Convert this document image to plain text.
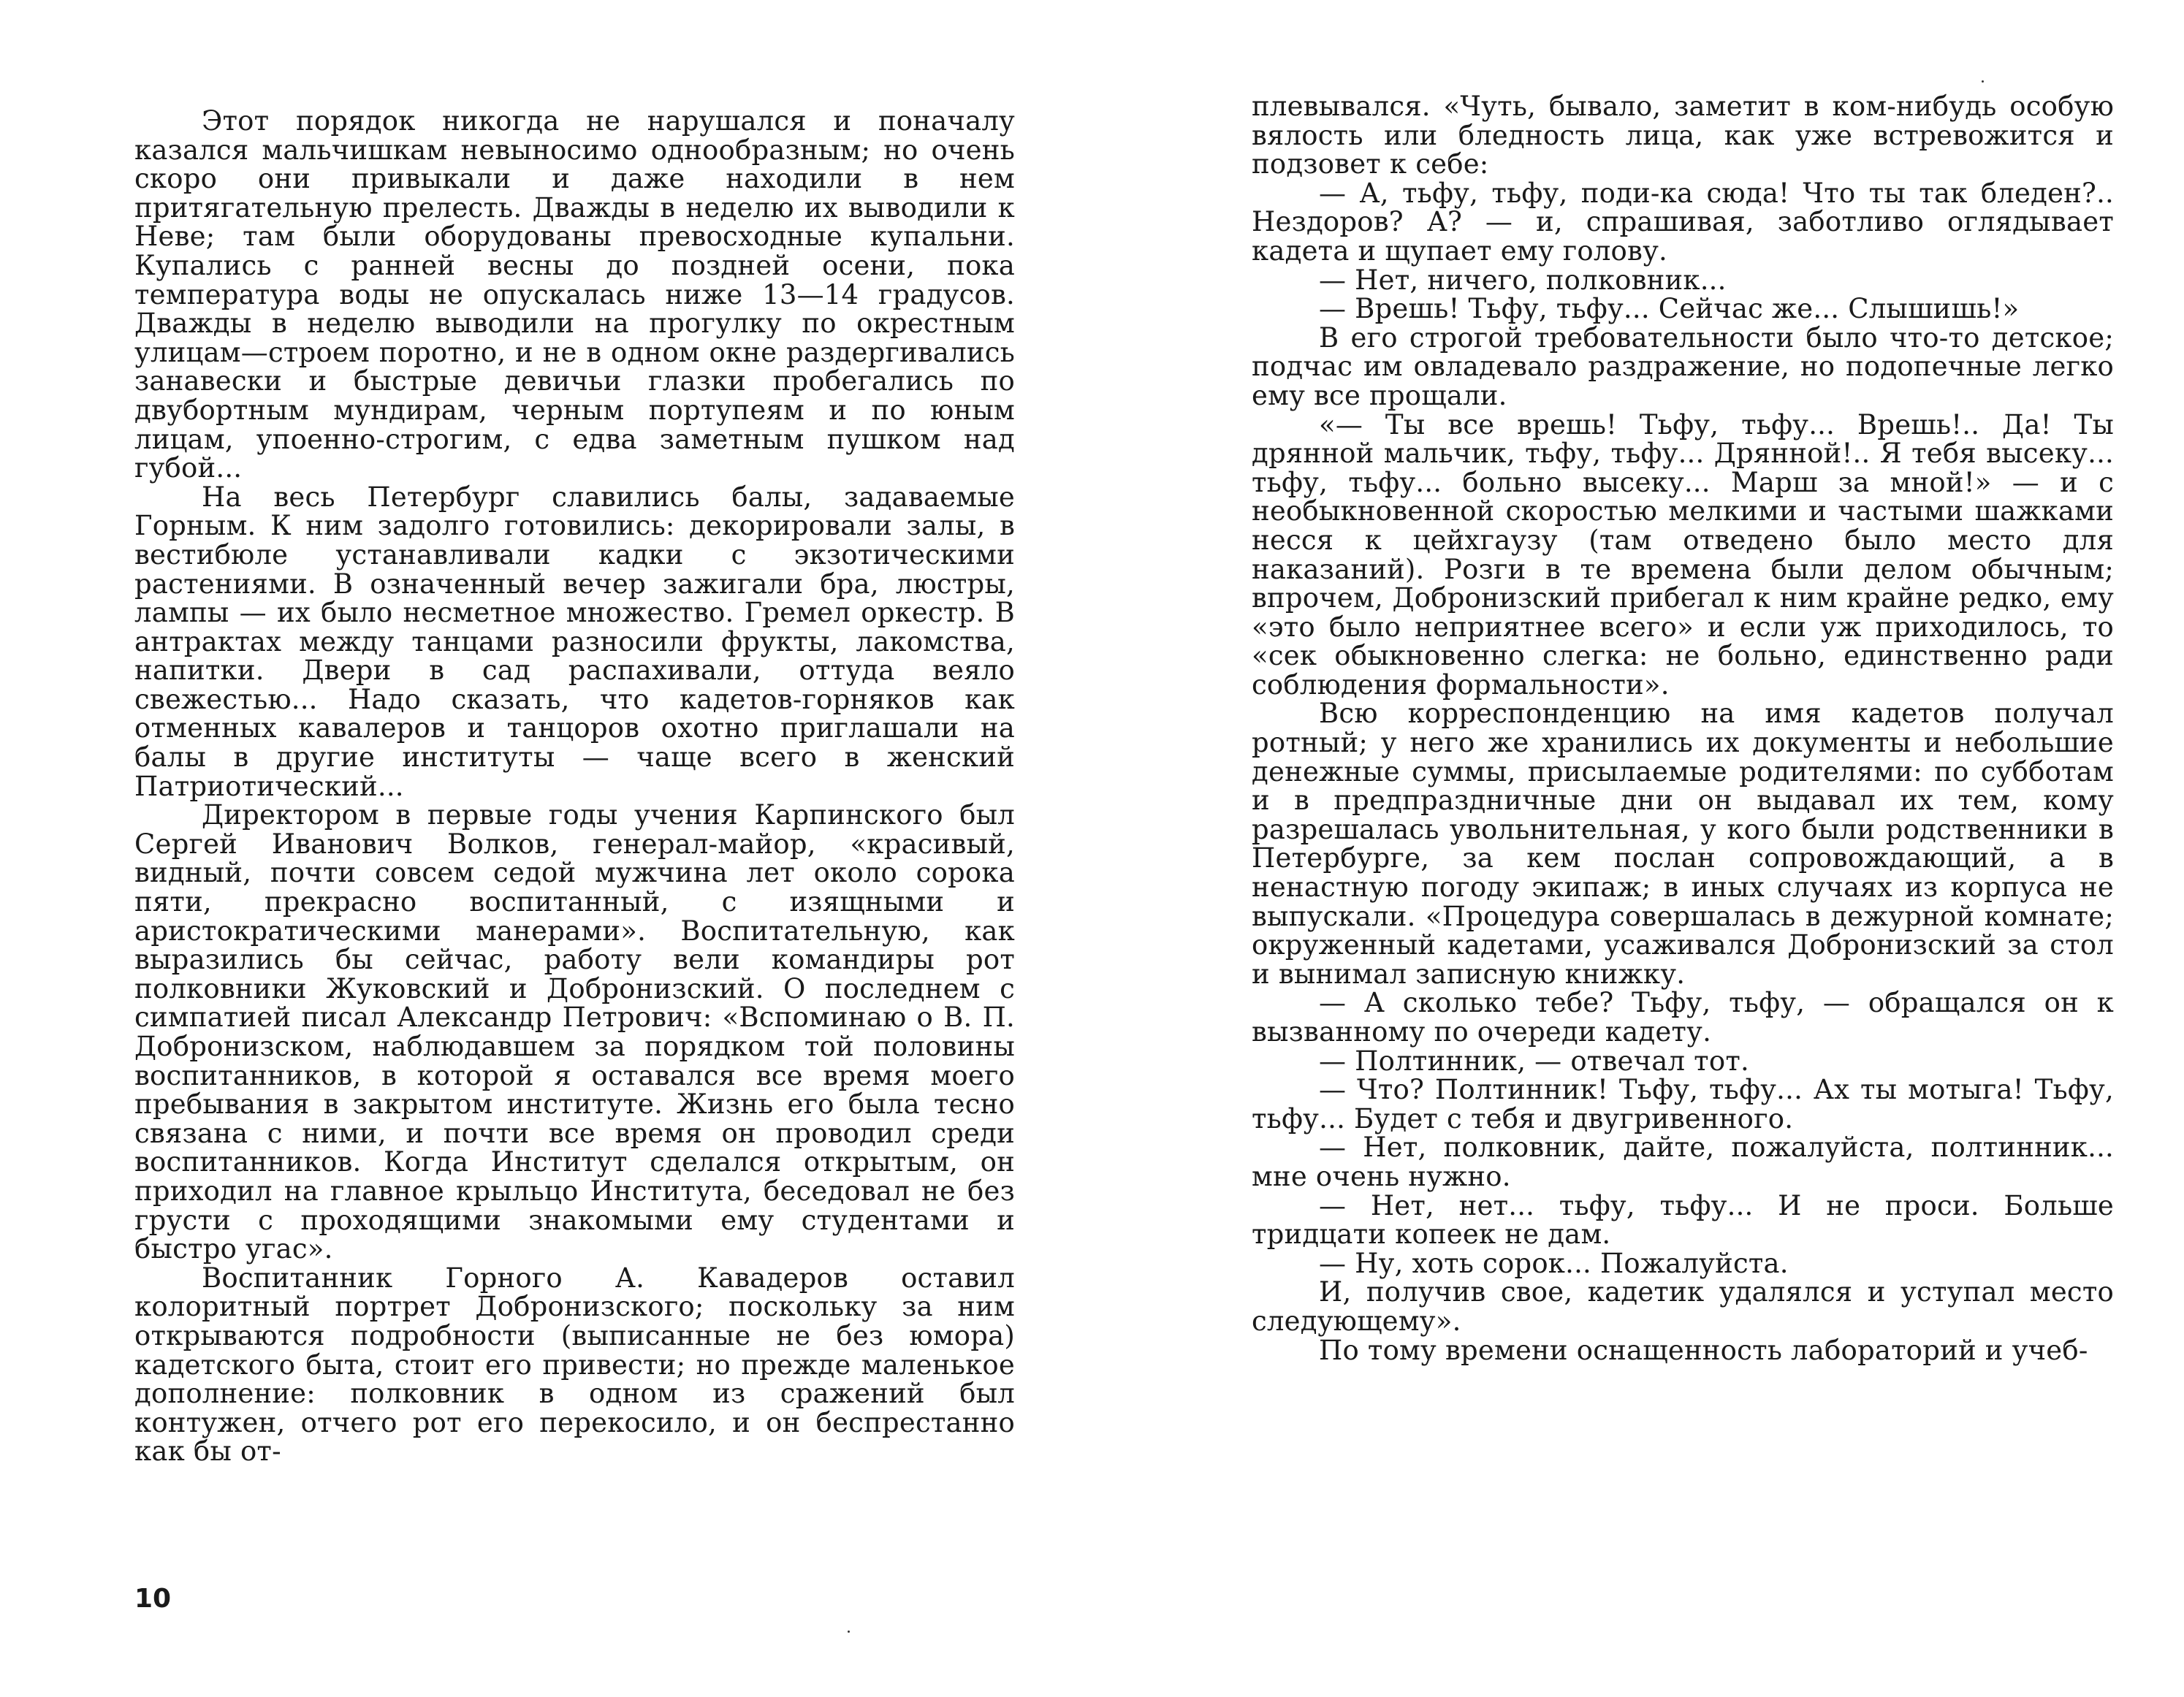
Этот порядок никогда не нарушался и поначалу казался мальчишкам невыносимо однообразным; но очень скоро они привыкали и даже находили в нем притягательную прелесть. Дважды в неделю их выводили к Неве; там были оборудованы превосходные купальни. Купались с ранней весны до поздней осени, пока температура воды не опускалась ниже 13—14 градусов. Дважды в неделю выводили на прогулку по окрестным улицам—строем поротно, и не в одном окне раздергивались занавески и быстрые девичьи глазки пробегались по двубортным мундирам, черным портупеям и по юным лицам, упоенно-строгим, с едва заметным пушком над губой...

На весь Петербург славились балы, задаваемые Горным. К ним задолго готовились: декорировали залы, в вестибюле устанавливали кадки с экзотическими растениями. В означенный вечер зажигали бра, люстры, лампы — их было несметное множество. Гремел оркестр. В антрактах между танцами разносили фрукты, лакомства, напитки. Двери в сад распахивали, оттуда веяло свежестью... Надо сказать, что кадетов-горняков как отменных кавалеров и танцоров охотно приглашали на балы в другие институты — чаще всего в женский Патриотический...

Директором в первые годы учения Карпинского был Сергей Иванович Волков, генерал-майор, «красивый, видный, почти совсем седой мужчина лет около сорока пяти, прекрасно воспитанный, с изящными и аристократическими манерами». Воспитательную, как выразились бы сейчас, работу вели командиры рот полковники Жуковский и Добронизский. О последнем с симпатией писал Александр Петрович: «Вспоминаю о В. П. Добронизском, наблюдавшем за порядком той половины воспитанников, в которой я оставался все время моего пребывания в закрытом институте. Жизнь его была тесно связана с ними, и почти все время он проводил среди воспитанников. Когда Институт сделался открытым, он приходил на главное крыльцо Института, беседовал не без грусти с проходящими знакомыми ему студентами и быстро угас».

Воспитанник Горного А. Кавадеров оставил колоритный портрет Добронизского; поскольку за ним открываются подробности (выписанные не без юмора) кадетского быта, стоит его привести; но прежде маленькое дополнение: полковник в одном из сражений был контужен, отчего рот его перекосило, и он беспрестанно как бы от-

10

плевывался. «Чуть, бывало, заметит в ком-нибудь особую вялость или бледность лица, как уже встревожится и подзовет к себе:

— А, тьфу, тьфу, поди-ка сюда! Что ты так бледен?.. Нездоров? А? — и, спрашивая, заботливо оглядывает кадета и щупает ему голову.

— Нет, ничего, полковник...

— Врешь! Тьфу, тьфу... Сейчас же... Слышишь!»

В его строгой требовательности было что-то детское; подчас им овладевало раздражение, но подопечные легко ему все прощали.

«— Ты все врешь! Тьфу, тьфу... Врешь!.. Да! Ты дрянной мальчик, тьфу, тьфу... Дрянной!.. Я тебя высеку... тьфу, тьфу... больно высеку... Марш за мной!» — и с необыкновенной скоростью мелкими и частыми шажками несся к цейхгаузу (там отведено было место для наказаний). Розги в те времена были делом обычным; впрочем, Добронизский прибегал к ним крайне редко, ему «это было неприятнее всего» и если уж приходилось, то «сек обыкновенно слегка: не больно, единственно ради соблюдения формальности».

Всю корреспонденцию на имя кадетов получал ротный; у него же хранились их документы и небольшие денежные суммы, присылаемые родителями: по субботам и в предпраздничные дни он выдавал их тем, кому разрешалась увольнительная, у кого были родственники в Петербурге, за кем послан сопровождающий, а в ненастную погоду экипаж; в иных случаях из корпуса не выпускали. «Процедура совершалась в дежурной комнате; окруженный кадетами, усаживался Добронизский за стол и вынимал записную книжку.

— А сколько тебе? Тьфу, тьфу, — обращался он к вызванному по очереди кадету.

— Полтинник, — отвечал тот.

— Что? Полтинник! Тьфу, тьфу... Ах ты мотыга! Тьфу, тьфу... Будет с тебя и двугривенного.

— Нет, полковник, дайте, пожалуйста, полтинник... мне очень нужно.

— Нет, нет... тьфу, тьфу... И не проси. Больше тридцати копеек не дам.

— Ну, хоть сорок... Пожалуйста.

И, получив свое, кадетик удалялся и уступал место следующему».

По тому времени оснащенность лабораторий и учеб-
